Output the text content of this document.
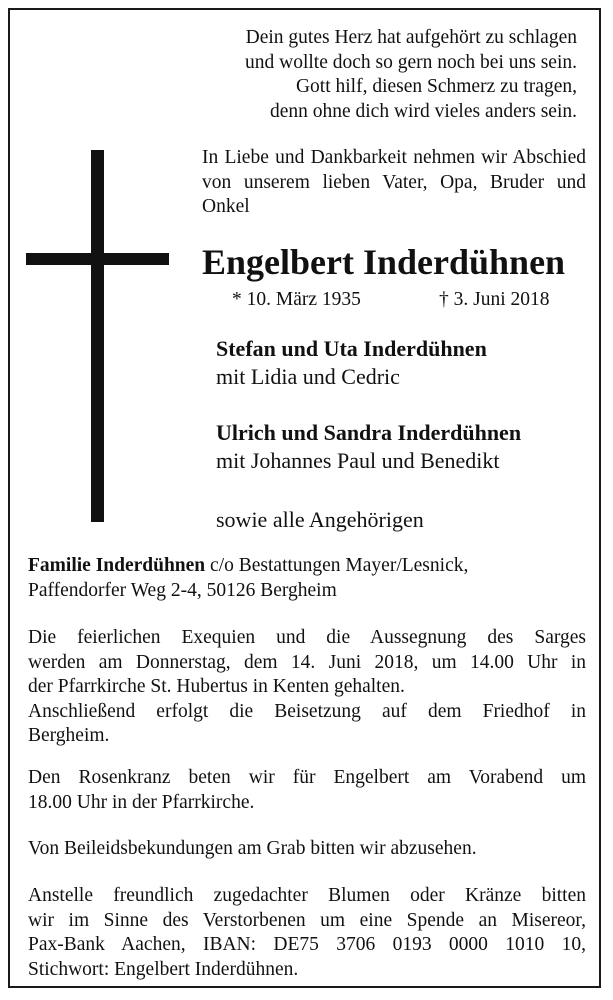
Dein gutes Herz hat aufgehört zu schlagen
und wollte doch so gern noch bei uns sein.
Gott hilf, diesen Schmerz zu tragen,
denn ohne dich wird vieles anders sein.

In Liebe und Dankbarkeit nehmen wir Abschied von unserem lieben Vater, Opa, Bruder und Onkel

Engelbert Inderdühnen
* 10. März 1935	† 3. Juni 2018
Stefan und Uta Inderdühnen
mit Lidia und Cedric
Ulrich und Sandra Inderdühnen
mit Johannes Paul und Benedikt
sowie alle Angehörigen

Familie Inderdühnen c/o Bestattungen Mayer/Lesnick,
Paffendorfer Weg 2-4, 50126 Bergheim

Die feierlichen Exequien und die Aussegnung des Sarges
werden am Donnerstag, dem 14. Juni 2018, um 14.00 Uhr in
der Pfarrkirche St. Hubertus in Kenten gehalten.
Anschließend erfolgt die Beisetzung auf dem Friedhof in
Bergheim.

Den Rosenkranz beten wir für Engelbert am Vorabend um
18.00 Uhr in der Pfarrkirche.

Von Beileidsbekundungen am Grab bitten wir abzusehen.

Anstelle freundlich zugedachter Blumen oder Kränze bitten
wir im Sinne des Verstorbenen um eine Spende an Misereor,
Pax-Bank Aachen, IBAN: DE75 3706 0193 0000 1010 10,
Stichwort: Engelbert Inderdühnen.
